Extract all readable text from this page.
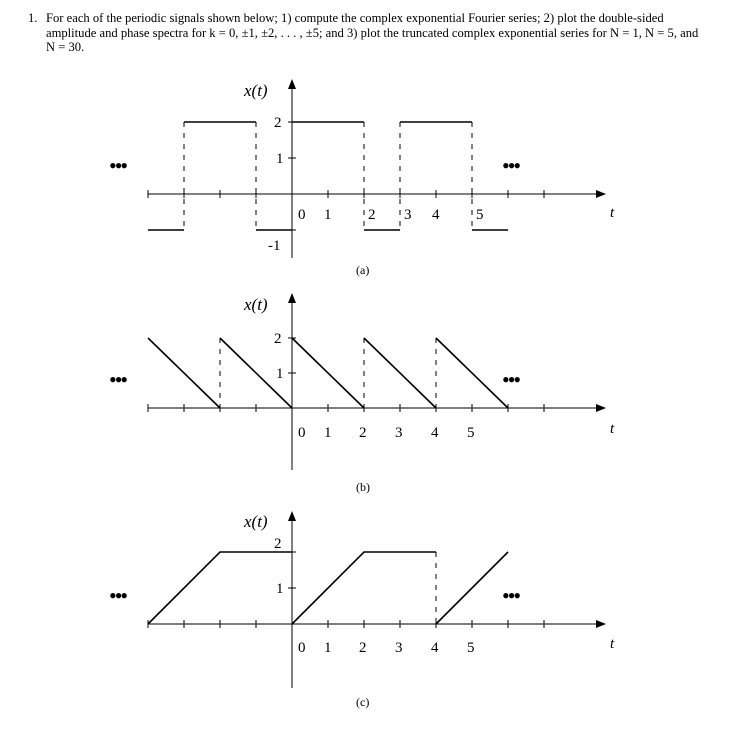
1. For each of the periodic signals shown below; 1) compute the complex exponential Fourier series; 2) plot the double-sided amplitude and phase spectra for k = 0, ±1, ±2, . . . , ±5; and 3) plot the truncated complex exponential series for N = 1, N = 5, and N = 30.
x(t)
2
1
-1
0 1 2 3 4 5	t
•••	•••
(a)
x(t)
2
1
0 1 2 3 4 5	t
•••	•••
(b)
x(t)
2
1
0 1 2 3 4 5	t
•••	•••
(c)
